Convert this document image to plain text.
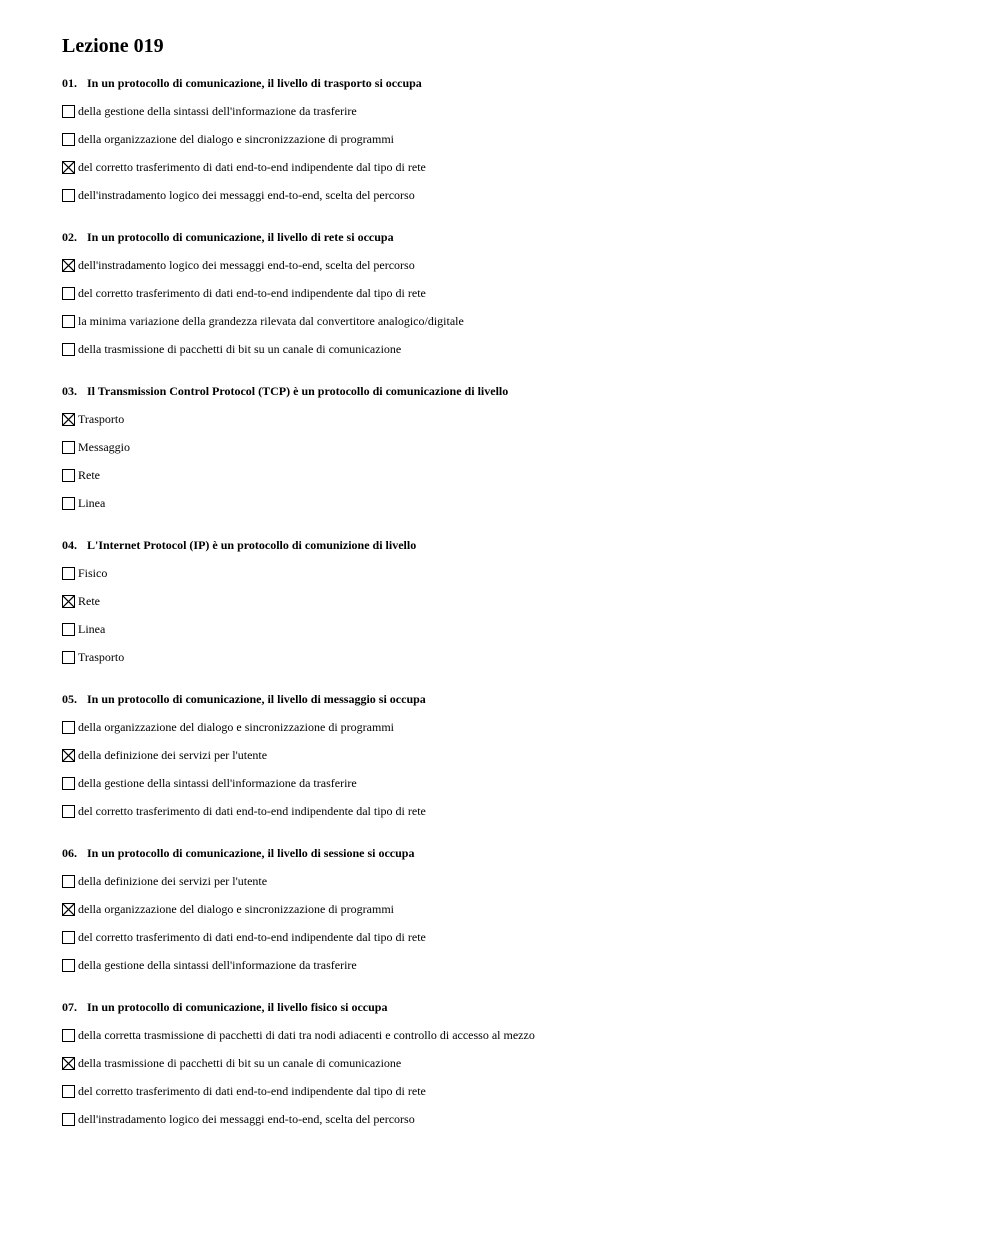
Lezione 019
01. In un protocollo di comunicazione, il livello di trasporto si occupa
della gestione della sintassi dell'informazione da trasferire
della organizzazione del dialogo e sincronizzazione di programmi
del corretto trasferimento di dati end-to-end indipendente dal tipo di rete
dell'instradamento logico dei messaggi end-to-end, scelta del percorso
02. In un protocollo di comunicazione, il livello di rete si occupa
dell'instradamento logico dei messaggi end-to-end, scelta del percorso
del corretto trasferimento di dati end-to-end indipendente dal tipo di rete
la minima variazione della grandezza rilevata dal convertitore analogico/digitale
della trasmissione di pacchetti di bit su un canale di comunicazione
03. Il Transmission Control Protocol (TCP) è un protocollo di comunicazione di livello
Trasporto
Messaggio
Rete
Linea
04. L'Internet Protocol (IP) è un protocollo di comunizione di livello
Fisico
Rete
Linea
Trasporto
05. In un protocollo di comunicazione, il livello di messaggio si occupa
della organizzazione del dialogo e sincronizzazione di programmi
della definizione dei servizi per l'utente
della gestione della sintassi dell'informazione da trasferire
del corretto trasferimento di dati end-to-end indipendente dal tipo di rete
06. In un protocollo di comunicazione, il livello di sessione si occupa
della definizione dei servizi per l'utente
della organizzazione del dialogo e sincronizzazione di programmi
del corretto trasferimento di dati end-to-end indipendente dal tipo di rete
della gestione della sintassi dell'informazione da trasferire
07. In un protocollo di comunicazione, il livello fisico si occupa
della corretta trasmissione di pacchetti di dati tra nodi adiacenti e controllo di accesso al mezzo
della trasmissione di pacchetti di bit su un canale di comunicazione
del corretto trasferimento di dati end-to-end indipendente dal tipo di rete
dell'instradamento logico dei messaggi end-to-end, scelta del percorso
